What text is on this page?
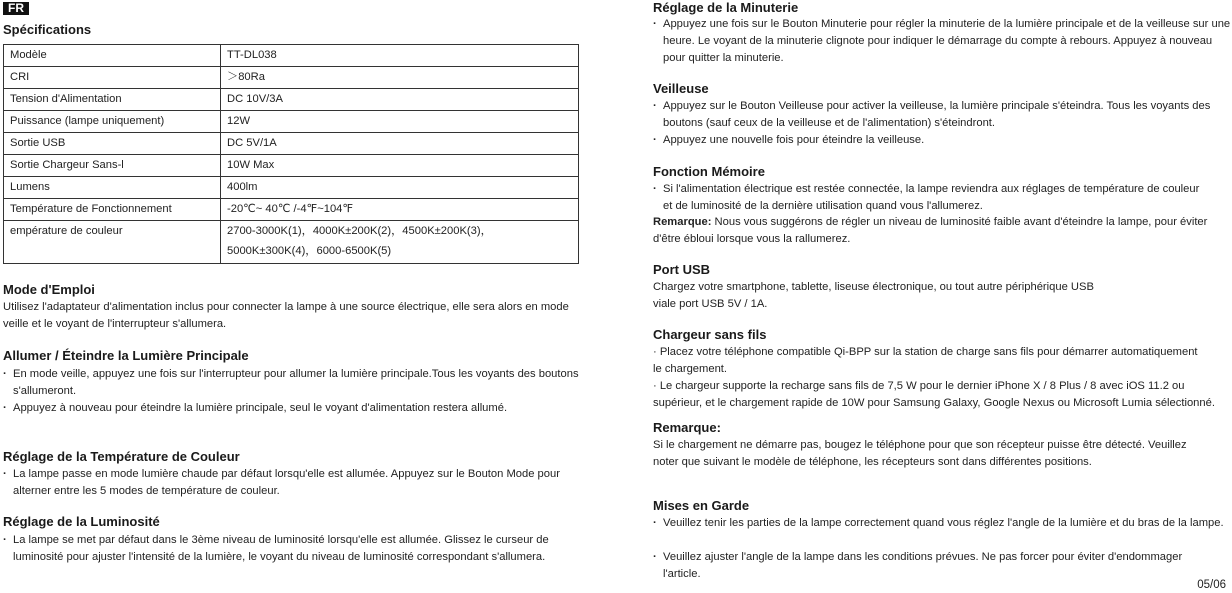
FR
Spécifications
Modèle	TT-DL038
CRI	＞80Ra
Tension d'Alimentation	DC 10V/3A
Puissance (lampe uniquement)	12W
Sortie USB	DC 5V/1A
Sortie Chargeur Sans-l	10W Max
Lumens	400lm
Température de Fonctionnement	-20℃~ 40℃ /-4℉~104℉
empérature de couleur	2700-3000K(1)，4000K±200K(2)，4500K±200K(3)，
5000K±300K(4)，6000-6500K(5)
Mode d'Emploi

Utilisez l'adaptateur d'alimentation inclus pour connecter la lampe à une source électrique, elle sera alors en mode veille et le voyant de l'interrupteur s'allumera.

Allumer / Éteindre la Lumière Principale

· En mode veille, appuyez une fois sur l'interrupteur pour allumer la lumière principale.Tous les voyants des boutons s'allumeront.

· Appuyez à nouveau pour éteindre la lumière principale, seul le voyant d'alimentation restera allumé.

Réglage de la Température de Couleur

· La lampe passe en mode lumière chaude par défaut lorsqu'elle est allumée. Appuyez sur le Bouton Mode pour alterner entre les 5 modes de température de couleur.

Réglage de la Luminosité

· La lampe se met par défaut dans le 3ème niveau de luminosité lorsqu'elle est allumée. Glissez le curseur de luminosité pour ajuster l'intensité de la lumière, le voyant du niveau de luminosité correspondant s'allumera.

Réglage de la Minuterie

· Appuyez une fois sur le Bouton Minuterie pour régler la minuterie de la lumière principale et de la veilleuse sur une heure. Le voyant de la minuterie clignote pour indiquer le démarrage du compte à rebours. Appuyez à nouveau pour quitter la minuterie.

Veilleuse

· Appuyez sur le Bouton Veilleuse pour activer la veilleuse, la lumière principale s'éteindra. Tous les voyants des boutons (sauf ceux de la veilleuse et de l'alimentation) s'éteindront.

· Appuyez une nouvelle fois pour éteindre la veilleuse.

Fonction Mémoire

· Si l'alimentation électrique est restée connectée, la lampe reviendra aux réglages de température de couleur et de luminosité de la dernière utilisation quand vous l'allumerez.

Remarque: Nous vous suggérons de régler un niveau de luminosité faible avant d'éteindre la lampe, pour éviter d'être ébloui lorsque vous la rallumerez.

Port USB

Chargez votre smartphone, tablette, liseuse électronique, ou tout autre périphérique USB

viale port USB 5V / 1A.

Chargeur sans fils

· Placez votre téléphone compatible Qi-BPP sur la station de charge sans fils pour démarrer automatiquement le chargement.

· Le chargeur supporte la recharge sans fils de 7,5 W pour le dernier iPhone X / 8 Plus / 8 avec iOS 11.2 ou supérieur, et le chargement rapide de 10W pour Samsung Galaxy, Google Nexus ou Microsoft Lumia sélectionné.

Remarque:

Si le chargement ne démarre pas, bougez le téléphone pour que son récepteur puisse être détecté. Veuillez noter que suivant le modèle de téléphone, les récepteurs sont dans différentes positions.

Mises en Garde

· Veuillez tenir les parties de la lampe correctement quand vous réglez l'angle de la lumière et du bras de la lampe.

· Veuillez ajuster l'angle de la lampe dans les conditions prévues. Ne pas forcer pour éviter d'endommager l'article.

05/06
